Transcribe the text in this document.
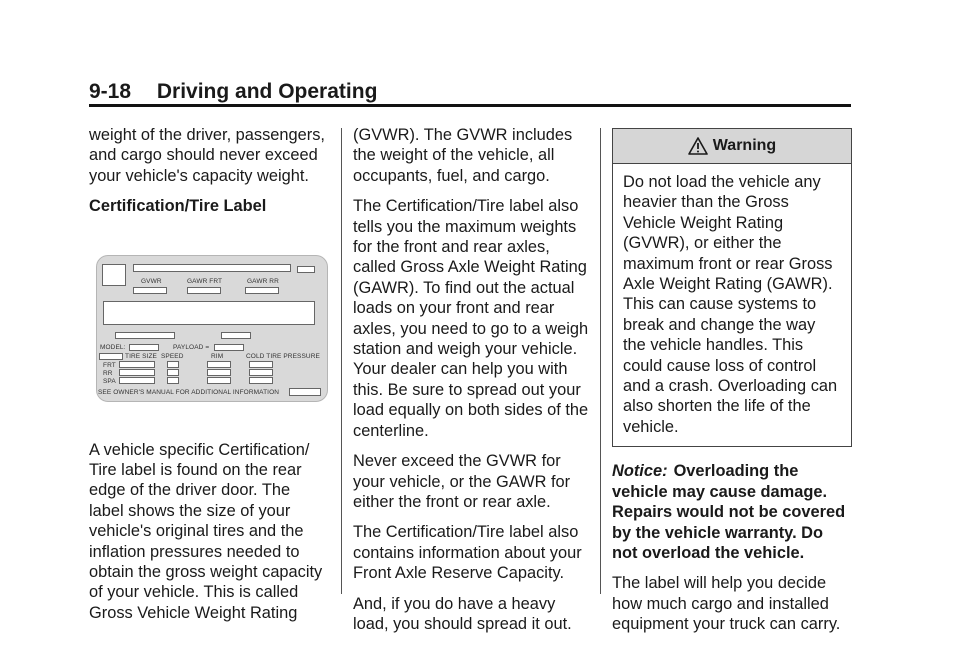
9-18 Driving and Operating

weight of the driver, passengers, and cargo should never exceed your vehicle's capacity weight.

Certification/Tire Label

GVWR	GAWR FRT	GAWR RR
MODEL:	PAYLOAD =
TIRE SIZE SPEED	RIM	COLD TIRE PRESSURE
FRT
RR
SPA
SEE OWNER'S MANUAL FOR ADDITIONAL INFORMATION

A vehicle specific Certification/ Tire label is found on the rear edge of the driver door. The label shows the size of your vehicle's original tires and the inflation pressures needed to obtain the gross weight capacity of your vehicle. This is called Gross Vehicle Weight Rating

(GVWR). The GVWR includes the weight of the vehicle, all occupants, fuel, and cargo.

The Certification/Tire label also tells you the maximum weights for the front and rear axles, called Gross Axle Weight Rating (GAWR). To find out the actual loads on your front and rear axles, you need to go to a weigh station and weigh your vehicle. Your dealer can help you with this. Be sure to spread out your load equally on both sides of the centerline.

Never exceed the GVWR for your vehicle, or the GAWR for either the front or rear axle.

The Certification/Tire label also contains information about your Front Axle Reserve Capacity.

And, if you do have a heavy load, you should spread it out.

Warning
Do not load the vehicle any heavier than the Gross Vehicle Weight Rating (GVWR), or either the maximum front or rear Gross Axle Weight Rating (GAWR). This can cause systems to break and change the way the vehicle handles. This could cause loss of control and a crash. Overloading can also shorten the life of the vehicle.

Notice: Overloading the vehicle may cause damage. Repairs would not be covered by the vehicle warranty. Do not overload the vehicle.

The label will help you decide how much cargo and installed equipment your truck can carry.
